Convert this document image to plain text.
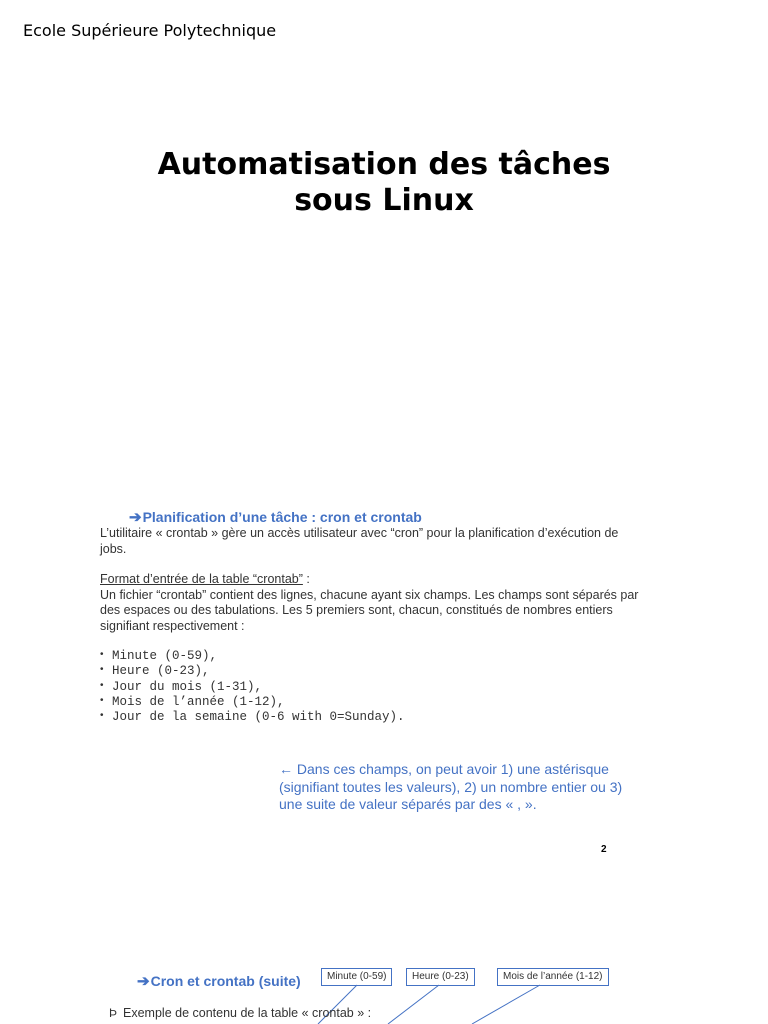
Ecole Supérieure Polytechnique
Automatisation des tâches
sous Linux
➔Planification d’une tâche : cron et crontab
L’utilitaire « crontab » gère un accès utilisateur avec “cron” pour la planification d’exécution de jobs.
Format d’entrée de la table “crontab” :
Un fichier “crontab” contient des lignes, chacune ayant six champs. Les champs sont séparés par des espaces ou des tabulations. Les 5 premiers sont, chacun, constitués de nombres entiers signifiant respectivement :
• Minute (0-59),
• Heure (0-23),
• Jour du mois (1-31),
• Mois de l’année (1-12),
• Jour de la semaine (0-6 with 0=Sunday).
← Dans ces champs, on peut avoir 1) une astérisque (signifiant toutes les valeurs), 2) un nombre entier ou 3) une suite de valeur séparés par des « , ».
2
➔Cron et crontab (suite)	Minute (0-59)	Heure (0-23)	Mois de l’année (1-12)
Þ Exemple de contenu de la table « crontab » :
